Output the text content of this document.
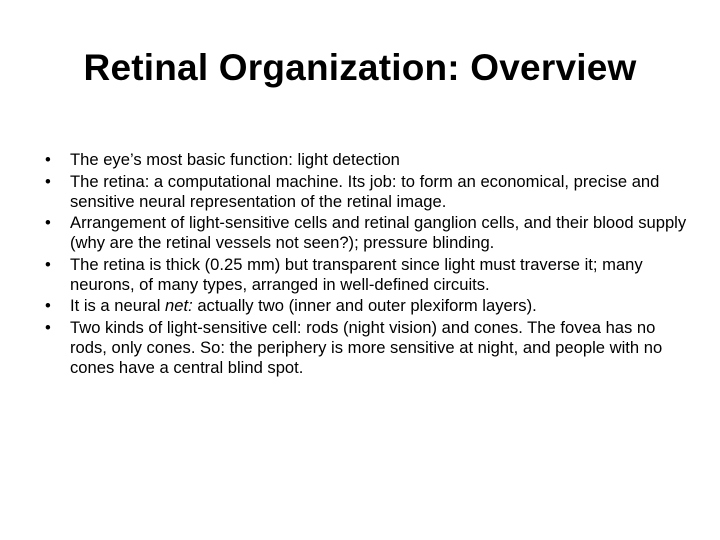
Retinal Organization: Overview
•	The eye’s most basic function: light detection
•	The retina: a computational machine. Its job: to form an economical, precise and sensitive neural representation of the retinal image.
•	Arrangement of light-sensitive cells and retinal ganglion cells, and their blood supply (why are the retinal vessels not seen?); pressure blinding.
•	The retina is thick (0.25 mm) but transparent since light must traverse it; many neurons, of many types, arranged in well-defined circuits.
•	It is a neural net: actually two (inner and outer plexiform layers).
•	Two kinds of light-sensitive cell: rods (night vision) and cones. The fovea has no rods, only cones. So: the periphery is more sensitive at night, and people with no cones have a central blind spot.
